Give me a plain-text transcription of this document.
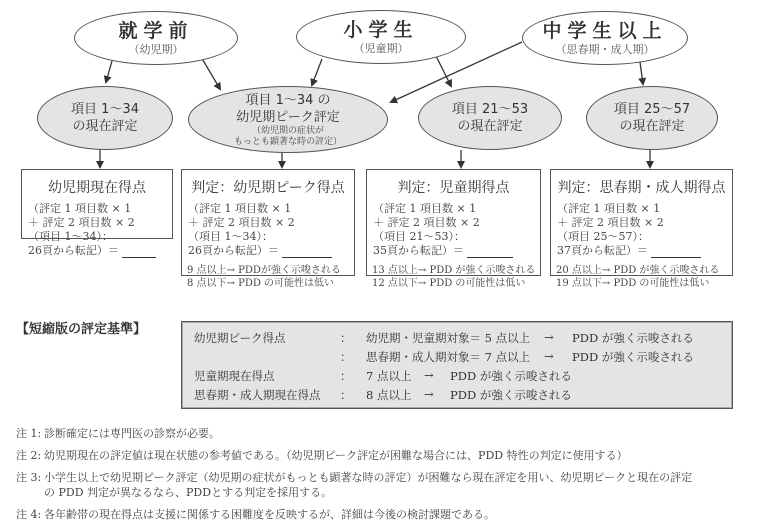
就学前
（幼児期）
小学生
（児童期）
中学生以上
（思春期・成人期）
項目 1～34
の現在評定
項目 1～34 の
幼児期ピーク評定
（幼児期の症状が
もっとも顕著な時の評定）
項目 21～53
の現在評定
項目 25～57
の現在評定
幼児期現在得点
（評定 1 項目数 × 1
＋ 評定 2 項目数 × 2
（項目 1～34）：
26頁から転記）＝
判定：幼児期ピーク得点
（評定 1 項目数 × 1
＋ 評定 2 項目数 × 2
（項目 1～34）：
26頁から転記）＝
9 点以上→ PDDが強く示唆される
8 点以下→ PDD の可能性は低い
判定：児童期得点
（評定 1 項目数 × 1
＋ 評定 2 項目数 × 2
（項目 21～53）：
35頁から転記）＝
13 点以上→ PDD が強く示唆される
12 点以下→ PDD の可能性は低い
判定：思春期・成人期得点
（評定 1 項目数 × 1
＋ 評定 2 項目数 × 2
（項目 25～57）：
37頁から転記）＝
20 点以上→ PDD が強く示唆される
19 点以下→ PDD の可能性は低い
【短縮版の評定基準】
幼児期ピーク得点	： 幼児期・児童期対象＝ 5 点以上 → PDD が強く示唆される
： 思春期・成人期対象＝ 7 点以上 → PDD が強く示唆される
児童期現在得点	： 7 点以上 → PDD が強く示唆される
思春期・成人期現在得点 ： 8 点以上 → PDD が強く示唆される
注 1: 診断確定には専門医の診察が必要。
注 2: 幼児期現在の評定値は現在状態の参考値である。（幼児期ピーク評定が困難な場合には、PDD 特性の判定に使用する）
注 3: 小学生以上で幼児期ピーク評定（幼児期の症状がもっとも顕著な時の評定）が困難なら現在評定を用い、幼児期ピークと現在の評定の PDD 判定が異なるなら、PDDとする判定を採用する。
注 4: 各年齢帯の現在得点は支援に関係する困難度を反映するが、詳細は今後の検討課題である。
